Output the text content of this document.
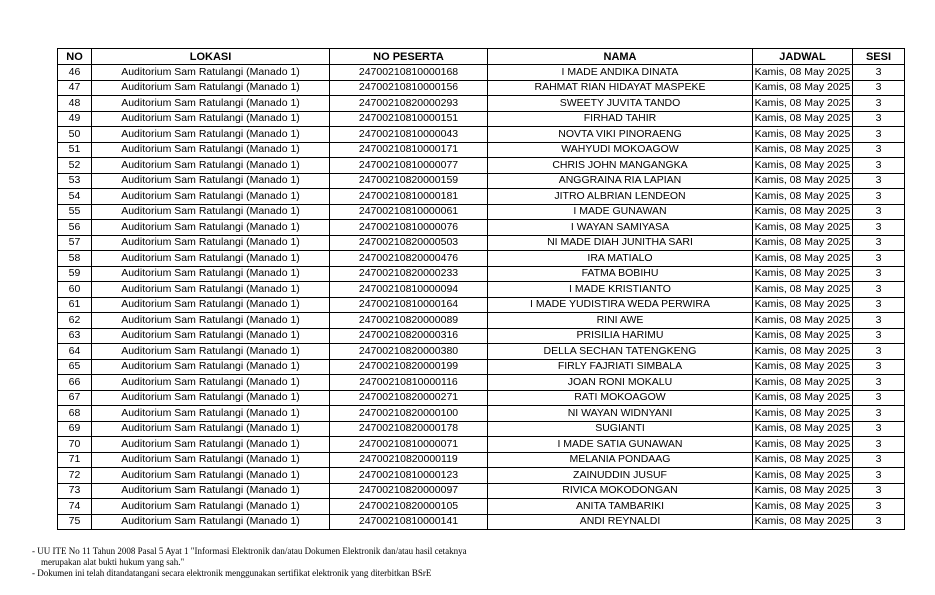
NO	LOKASI	NO PESERTA	NAMA	JADWAL	SESI
46	Auditorium Sam Ratulangi (Manado 1)	24700210810000168	I MADE ANDIKA DINATA	Kamis, 08 May 2025	3
47	Auditorium Sam Ratulangi (Manado 1)	24700210810000156	RAHMAT RIAN HIDAYAT MASPEKE	Kamis, 08 May 2025	3
48	Auditorium Sam Ratulangi (Manado 1)	24700210820000293	SWEETY JUVITA TANDO	Kamis, 08 May 2025	3
49	Auditorium Sam Ratulangi (Manado 1)	24700210810000151	FIRHAD TAHIR	Kamis, 08 May 2025	3
50	Auditorium Sam Ratulangi (Manado 1)	24700210810000043	NOVTA VIKI PINORAENG	Kamis, 08 May 2025	3
51	Auditorium Sam Ratulangi (Manado 1)	24700210810000171	WAHYUDI MOKOAGOW	Kamis, 08 May 2025	3
52	Auditorium Sam Ratulangi (Manado 1)	24700210810000077	CHRIS JOHN MANGANGKA	Kamis, 08 May 2025	3
53	Auditorium Sam Ratulangi (Manado 1)	24700210820000159	ANGGRAINA RIA LAPIAN	Kamis, 08 May 2025	3
54	Auditorium Sam Ratulangi (Manado 1)	24700210810000181	JITRO ALBRIAN LENDEON	Kamis, 08 May 2025	3
55	Auditorium Sam Ratulangi (Manado 1)	24700210810000061	I MADE GUNAWAN	Kamis, 08 May 2025	3
56	Auditorium Sam Ratulangi (Manado 1)	24700210810000076	I WAYAN SAMIYASA	Kamis, 08 May 2025	3
57	Auditorium Sam Ratulangi (Manado 1)	24700210820000503	NI MADE DIAH JUNITHA SARI	Kamis, 08 May 2025	3
58	Auditorium Sam Ratulangi (Manado 1)	24700210820000476	IRA MATIALO	Kamis, 08 May 2025	3
59	Auditorium Sam Ratulangi (Manado 1)	24700210820000233	FATMA BOBIHU	Kamis, 08 May 2025	3
60	Auditorium Sam Ratulangi (Manado 1)	24700210810000094	I MADE KRISTIANTO	Kamis, 08 May 2025	3
61	Auditorium Sam Ratulangi (Manado 1)	24700210810000164	I MADE YUDISTIRA WEDA PERWIRA	Kamis, 08 May 2025	3
62	Auditorium Sam Ratulangi (Manado 1)	24700210820000089	RINI AWE	Kamis, 08 May 2025	3
63	Auditorium Sam Ratulangi (Manado 1)	24700210820000316	PRISILIA HARIMU	Kamis, 08 May 2025	3
64	Auditorium Sam Ratulangi (Manado 1)	24700210820000380	DELLA SECHAN TATENGKENG	Kamis, 08 May 2025	3
65	Auditorium Sam Ratulangi (Manado 1)	24700210820000199	FIRLY FAJRIATI SIMBALA	Kamis, 08 May 2025	3
66	Auditorium Sam Ratulangi (Manado 1)	24700210810000116	JOAN RONI MOKALU	Kamis, 08 May 2025	3
67	Auditorium Sam Ratulangi (Manado 1)	24700210820000271	RATI MOKOAGOW	Kamis, 08 May 2025	3
68	Auditorium Sam Ratulangi (Manado 1)	24700210820000100	NI WAYAN WIDNYANI	Kamis, 08 May 2025	3
69	Auditorium Sam Ratulangi (Manado 1)	24700210820000178	SUGIANTI	Kamis, 08 May 2025	3
70	Auditorium Sam Ratulangi (Manado 1)	24700210810000071	I MADE SATIA GUNAWAN	Kamis, 08 May 2025	3
71	Auditorium Sam Ratulangi (Manado 1)	24700210820000119	MELANIA PONDAAG	Kamis, 08 May 2025	3
72	Auditorium Sam Ratulangi (Manado 1)	24700210810000123	ZAINUDDIN JUSUF	Kamis, 08 May 2025	3
73	Auditorium Sam Ratulangi (Manado 1)	24700210820000097	RIVICA MOKODONGAN	Kamis, 08 May 2025	3
74	Auditorium Sam Ratulangi (Manado 1)	24700210820000105	ANITA TAMBARIKI	Kamis, 08 May 2025	3
75	Auditorium Sam Ratulangi (Manado 1)	24700210810000141	ANDI REYNALDI	Kamis, 08 May 2025	3
- UU ITE No 11 Tahun 2008 Pasal 5 Ayat 1 "Informasi Elektronik dan/atau Dokumen Elektronik dan/atau hasil cetaknya
merupakan alat bukti hukum yang sah."
- Dokumen ini telah ditandatangani secara elektronik menggunakan sertifikat elektronik yang diterbitkan BSrE
